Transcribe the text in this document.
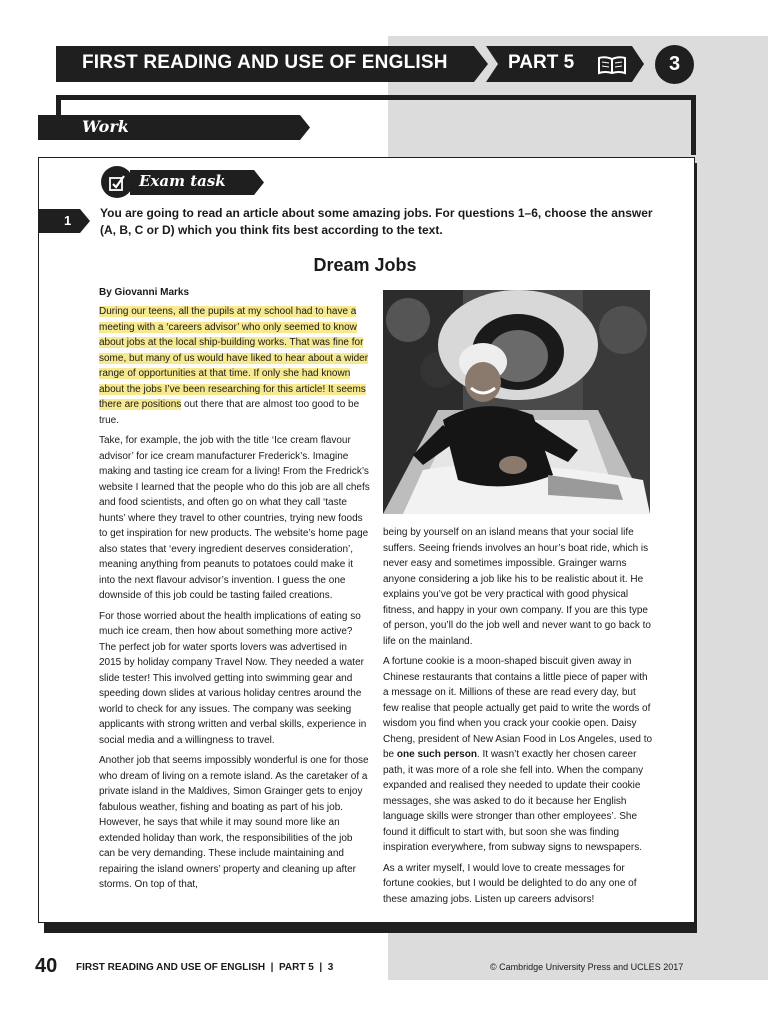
FIRST READING AND USE OF ENGLISH	PART 5	3
Work
Exam task
1 You are going to read an article about some amazing jobs. For questions 1–6, choose the answer (A, B, C or D) which you think fits best according to the text.
Dream Jobs
By Giovanni Marks

During our teens, all the pupils at my school had to have a meeting with a ‘careers advisor’ who only seemed to know about jobs at the local ship-building works. That was fine for some, but many of us would have liked to hear about a wider range of opportunities at that time. If only she had known about the jobs I’ve been researching for this article! It seems there are positions out there that are almost too good to be true.

Take, for example, the job with the title ‘Ice cream flavour advisor’ for ice cream manufacturer Frederick’s. Imagine making and tasting ice cream for a living! From the Fredrick’s website I learned that the people who do this job are all chefs and food scientists, and often go on what they call ‘taste hunts’ where they travel to other countries, trying new foods to get inspiration for new products. The website’s home page also states that ‘every ingredient deserves consideration’, meaning anything from peanuts to potatoes could make it into the next flavour advisor’s invention. I guess the one downside of this job could be tasting failed creations.

For those worried about the health implications of eating so much ice cream, then how about something more active? The perfect job for water sports lovers was advertised in 2015 by holiday company Travel Now. They needed a water slide tester! This involved getting into swimming gear and speeding down slides at various holiday centres around the world to check for any issues. The company was seeking applicants with strong written and verbal skills, experience in social media and a willingness to travel.

Another job that seems impossibly wonderful is one for those who dream of living on a remote island. As the caretaker of a private island in the Maldives, Simon Grainger gets to enjoy fabulous weather, fishing and boating as part of his job. However, he says that while it may sound more like an extended holiday than work, the responsibilities of the job can be very demanding. These include maintaining and repairing the island owners’ property and cleaning up after storms. On top of that,

being by yourself on an island means that your social life suffers. Seeing friends involves an hour’s boat ride, which is never easy and sometimes impossible. Grainger warns anyone considering a job like his to be realistic about it. He explains you’ve got be very practical with good physical fitness, and happy in your own company. If you are this type of person, you’ll do the job well and never want to go back to life on the mainland.

A fortune cookie is a moon-shaped biscuit given away in Chinese restaurants that contains a little piece of paper with a message on it. Millions of these are read every day, but few realise that people actually get paid to write the words of wisdom you find when you crack your cookie open. Daisy Cheng, president of New Asian Food in Los Angeles, used to be one such person. It wasn’t exactly her chosen career path, it was more of a role she fell into. When the company expanded and realised they needed to update their cookie messages, she was asked to do it because her English language skills were stronger than other employees’. She found it difficult to start with, but soon she was finding inspiration everywhere, from subway signs to newspapers.

As a writer myself, I would love to create messages for fortune cookies, but I would be delighted to do any one of these amazing jobs. Listen up careers advisors!

40 FIRST READING AND USE OF ENGLISH  |  PART 5  |  3	© Cambridge University Press and UCLES 2017
